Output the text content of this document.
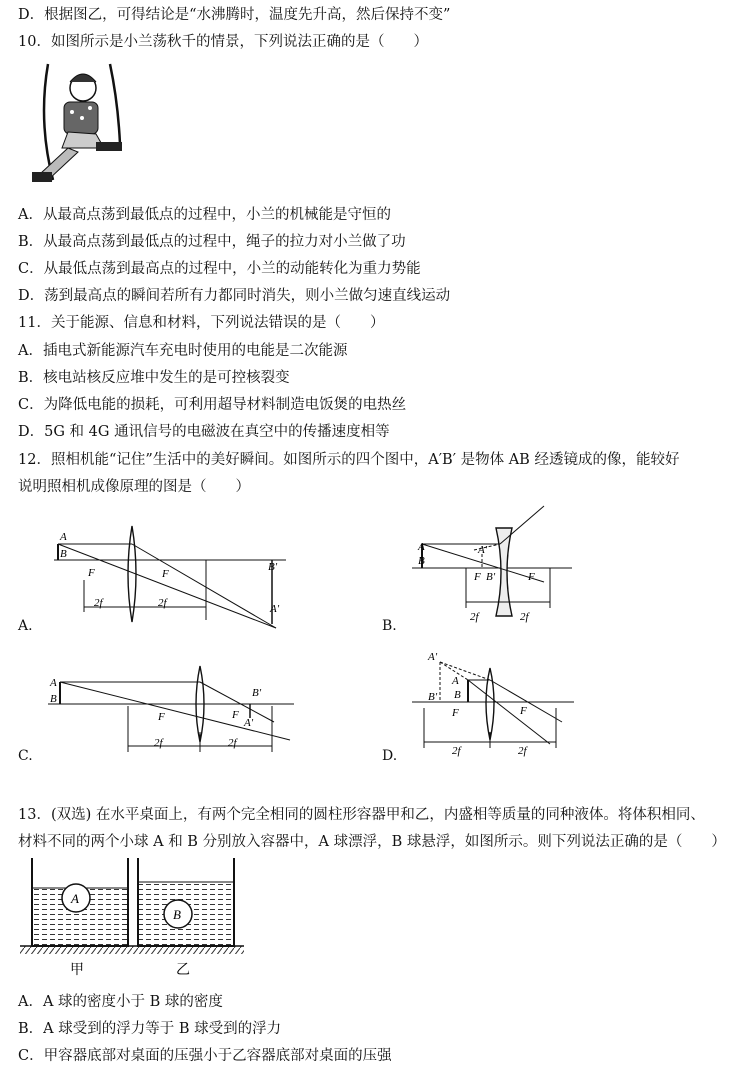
D．根据图乙，可得结论是“水沸腾时，温度先升高，然后保持不变”
10．如图所示是小兰荡秋千的情景，下列说法正确的是（　　）
A．从最高点荡到最低点的过程中，小兰的机械能是守恒的
B．从最高点荡到最低点的过程中，绳子的拉力对小兰做了功
C．从最低点荡到最高点的过程中，小兰的动能转化为重力势能
D．荡到最高点的瞬间若所有力都同时消失，则小兰做匀速直线运动
11．关于能源、信息和材料，下列说法错误的是（　　）
A．插电式新能源汽车充电时使用的电能是二次能源
B．核电站核反应堆中发生的是可控核裂变
C．为降低电能的损耗，可利用超导材料制造电饭煲的电热丝
D．5G 和 4G 通讯信号的电磁波在真空中的传播速度相等
12．照相机能“记住”生活中的美好瞬间。如图所示的四个图中，A′B′ 是物体 AB 经透镜成的像，能较好
说明照相机成像原理的图是（　　）
A.
A
B
F	F
B′
A′
2f	2f
B.
A
B
A′
B′
F	F
2f	2f
C.
A
B
F	F
B′
A′
2f	2f
D.
A′
A
B
B′
F	F
2f	2f
13．(双选) 在水平桌面上，有两个完全相同的圆柱形容器甲和乙，内盛相等质量的同种液体。将体积相同、
材料不同的两个小球 A 和 B 分别放入容器中，A 球漂浮，B 球悬浮，如图所示。则下列说法正确的是（　　）
A
B
甲	乙
A．A 球的密度小于 B 球的密度
B．A 球受到的浮力等于 B 球受到的浮力
C．甲容器底部对桌面的压强小于乙容器底部对桌面的压强
